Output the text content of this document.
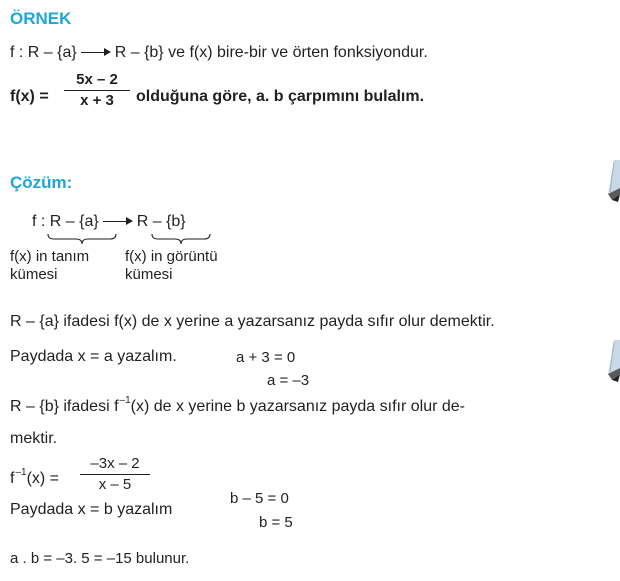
ÖRNEK
f : R – {a} R – {b} ve f(x) bire-bir ve örten fonksiyondur.
f(x) =
5x – 2
x + 3	olduğuna göre, a. b çarpımını bulalım.
Çözüm:
f : R – {a} R – {b}
f(x) in tanım
kümesi
f(x) in görüntü
kümesi
R – {a} ifadesi f(x) de x yerine a yazarsanız payda sıfır olur demektir.
Paydada x = a yazalım.	a + 3 = 0
a = –3
R – {b} ifadesi $f^{-1}(x)$ de x yerine b yazarsanız payda sıfır olur de-
mektir.
$f^{-1}(x)$ =
–3x – 2
x – 5
Paydada x = b yazalım
b – 5 = 0
b = 5
a . b = –3. 5 = –15 bulunur.
